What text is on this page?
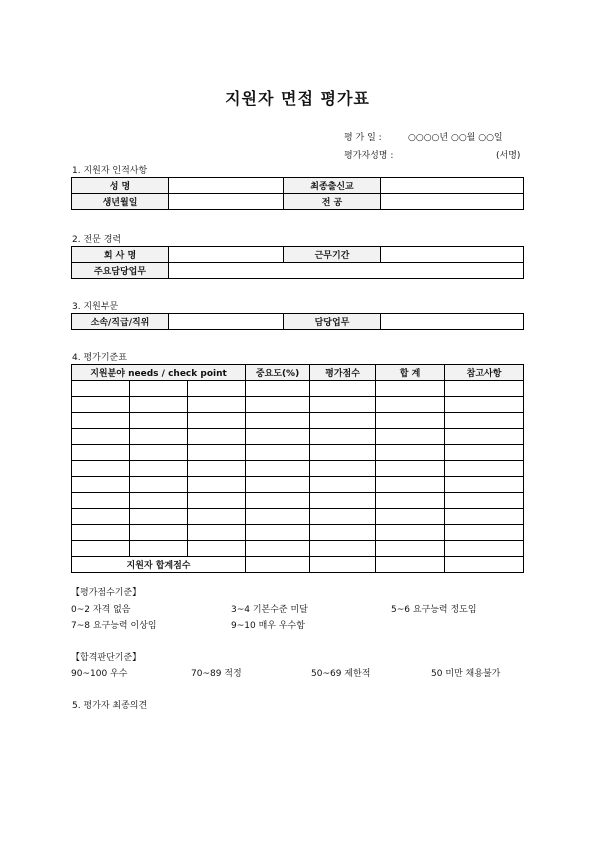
지원자 면접 평가표
평 가 일 :	○○○○년 ○○월 ○○일
평가자성명 :	(서명)
1. 지원자 인적사항
성 명		최종출신교	
생년월일		전 공	
2. 전문 경력
회 사 명		근무기간	
주요담당업무			
3. 지원부문
소속/직급/직위		담당업무	
4. 평가기준표
지원분야 needs / check point			중요도(%)	평가점수	합 계	참고사항

지원자 합계점수						
【평가점수기준】
0~2 자격 없음	3~4 기본수준 미달	5~6 요구능력 정도임
7~8 요구능력 이상임	9~10 매우 우수함
【합격판단기준】
90~100 우수	70~89 적정	50~69 제한적	50 미만 채용불가
5. 평가자 최종의견
